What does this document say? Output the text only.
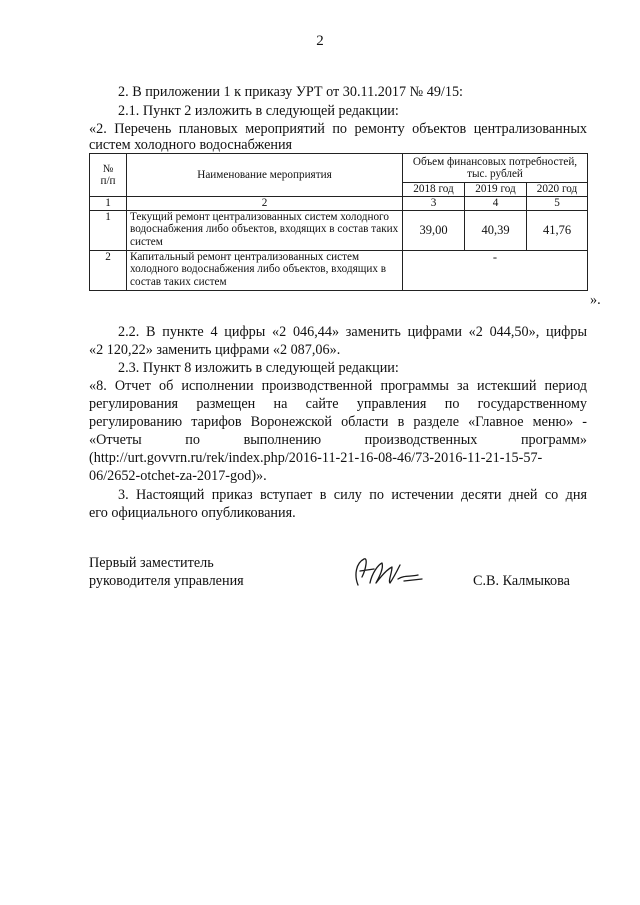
2
2. В приложении 1 к приказу УРТ от 30.11.2017 № 49/15:
2.1. Пункт 2 изложить в следующей редакции:
«2. Перечень плановых мероприятий по ремонту объектов централизованных
систем холодного водоснабжения
№
п/п	Наименование мероприятия	Объем финансовых потребностей, тыс. рублей		
		2018 год	2019 год	2020 год
1	2	3	4	5
1	Текущий ремонт централизованных систем холодного водоснабжения либо объектов, входящих в состав таких систем	39,00	40,39	41,76
2	Капитальный ремонт централизованных систем холодного водоснабжения либо объектов, входящих в состав таких систем	-		
».
2.2. В пункте 4 цифры «2 046,44» заменить цифрами «2 044,50», цифры
«2 120,22» заменить цифрами «2 087,06».
2.3. Пункт 8 изложить в следующей редакции:
«8. Отчет об исполнении производственной программы за истекший период
регулирования размещен на сайте управления по государственному
регулированию тарифов Воронежской области в разделе «Главное меню» -
«Отчеты по выполнению производственных программ»
(http://urt.govvrn.ru/rek/index.php/2016-11-21-16-08-46/73-2016-11-21-15-57-
06/2652-otchet-za-2017-god)».
3. Настоящий приказ вступает в силу по истечении десяти дней со дня
его официального опубликования.
Первый заместитель
руководителя управления	С.В. Калмыкова
